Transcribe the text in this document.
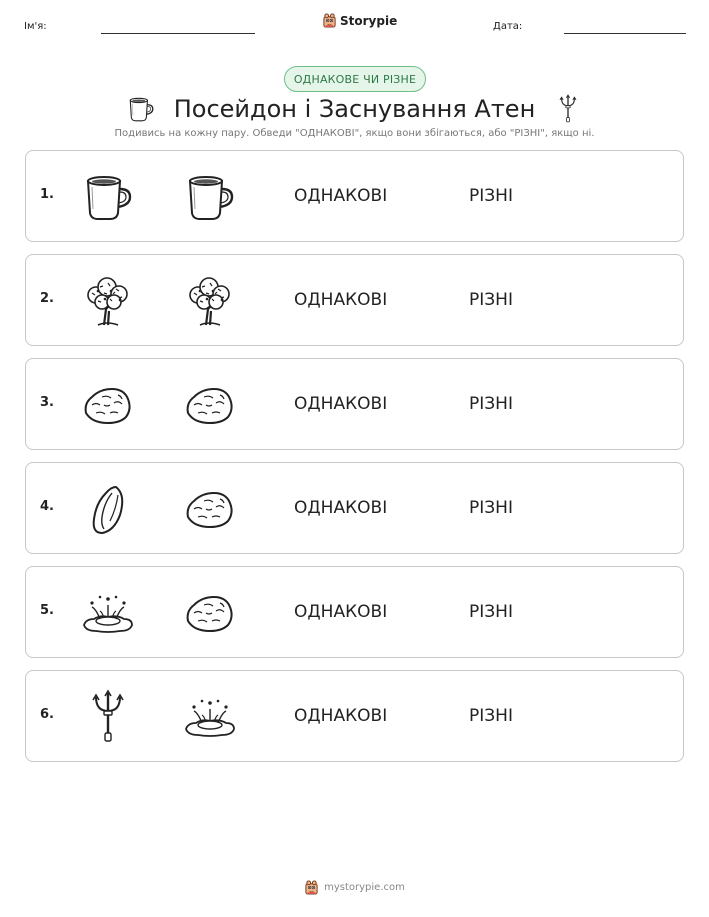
Ім'я:	Storypie	Дата:
ОДНАКОВЕ ЧИ РІЗНЕ
Посейдон і Заснування Атен

Подивись на кожну пару. Обведи "ОДНАКОВІ", якщо вони збігаються, або "РІЗНІ", якщо ні.

1.	ОДНАКОВІ	РІЗНІ
2.	ОДНАКОВІ	РІЗНІ
3.	ОДНАКОВІ	РІЗНІ
4.	ОДНАКОВІ	РІЗНІ
5.	ОДНАКОВІ	РІЗНІ
6.	ОДНАКОВІ	РІЗНІ
mystorypie.com
